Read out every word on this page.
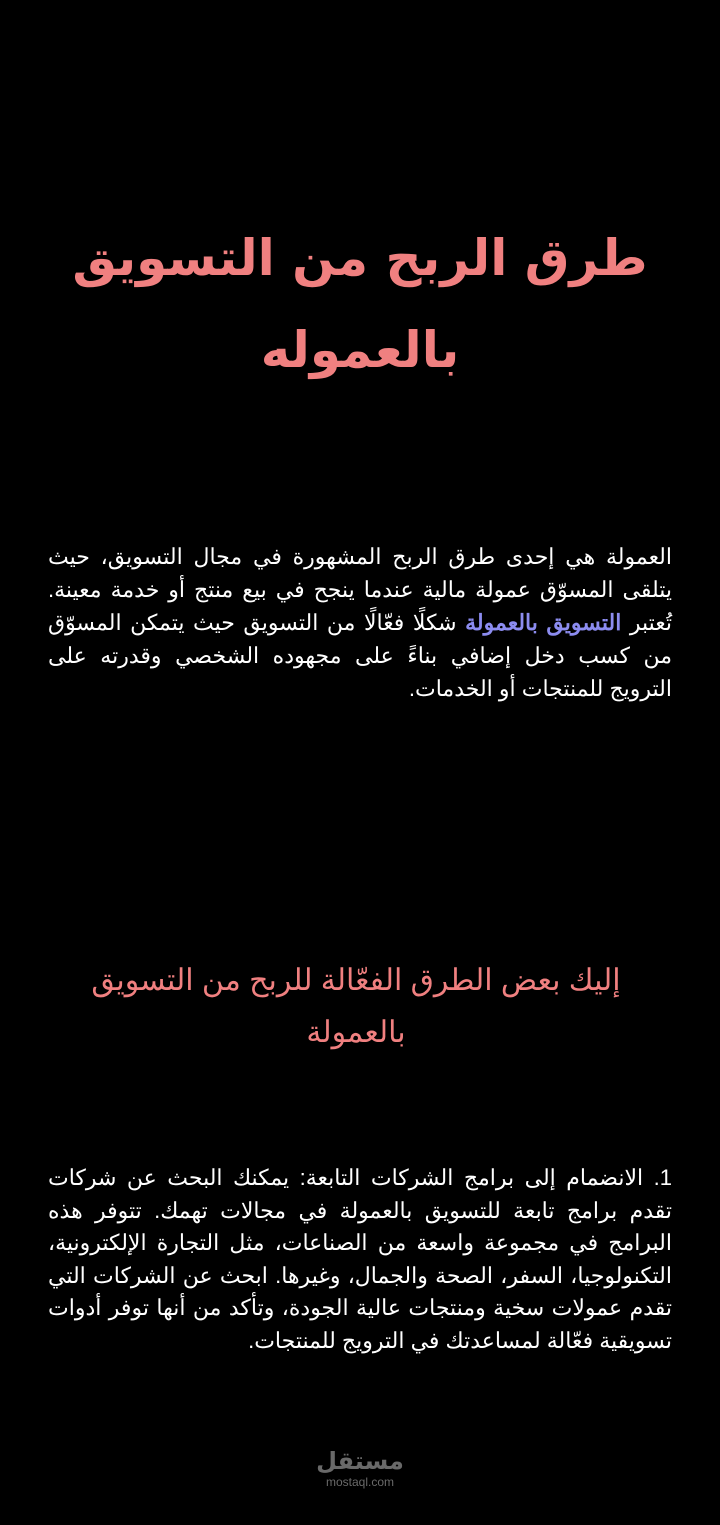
طرق الربح من التسويق بالعموله

العمولة هي إحدى طرق الربح المشهورة في مجال التسويق، حيث يتلقى المسوّق عمولة مالية عندما ينجح في بيع منتج أو خدمة معينة. تُعتبر التسويق بالعمولة شكلًا فعّالًا من التسويق حيث يتمكن المسوّق من كسب دخل إضافي بناءً على مجهوده الشخصي وقدرته على الترويج للمنتجات أو الخدمات.

إليك بعض الطرق الفعّالة للربح من التسويق بالعمولة

1. الانضمام إلى برامج الشركات التابعة: يمكنك البحث عن شركات تقدم برامج تابعة للتسويق بالعمولة في مجالات تهمك. تتوفر هذه البرامج في مجموعة واسعة من الصناعات، مثل التجارة الإلكترونية، التكنولوجيا، السفر، الصحة والجمال، وغيرها. ابحث عن الشركات التي تقدم عمولات سخية ومنتجات عالية الجودة، وتأكد من أنها توفر أدوات تسويقية فعّالة لمساعدتك في الترويج للمنتجات.

مستقل
mostaql.com
